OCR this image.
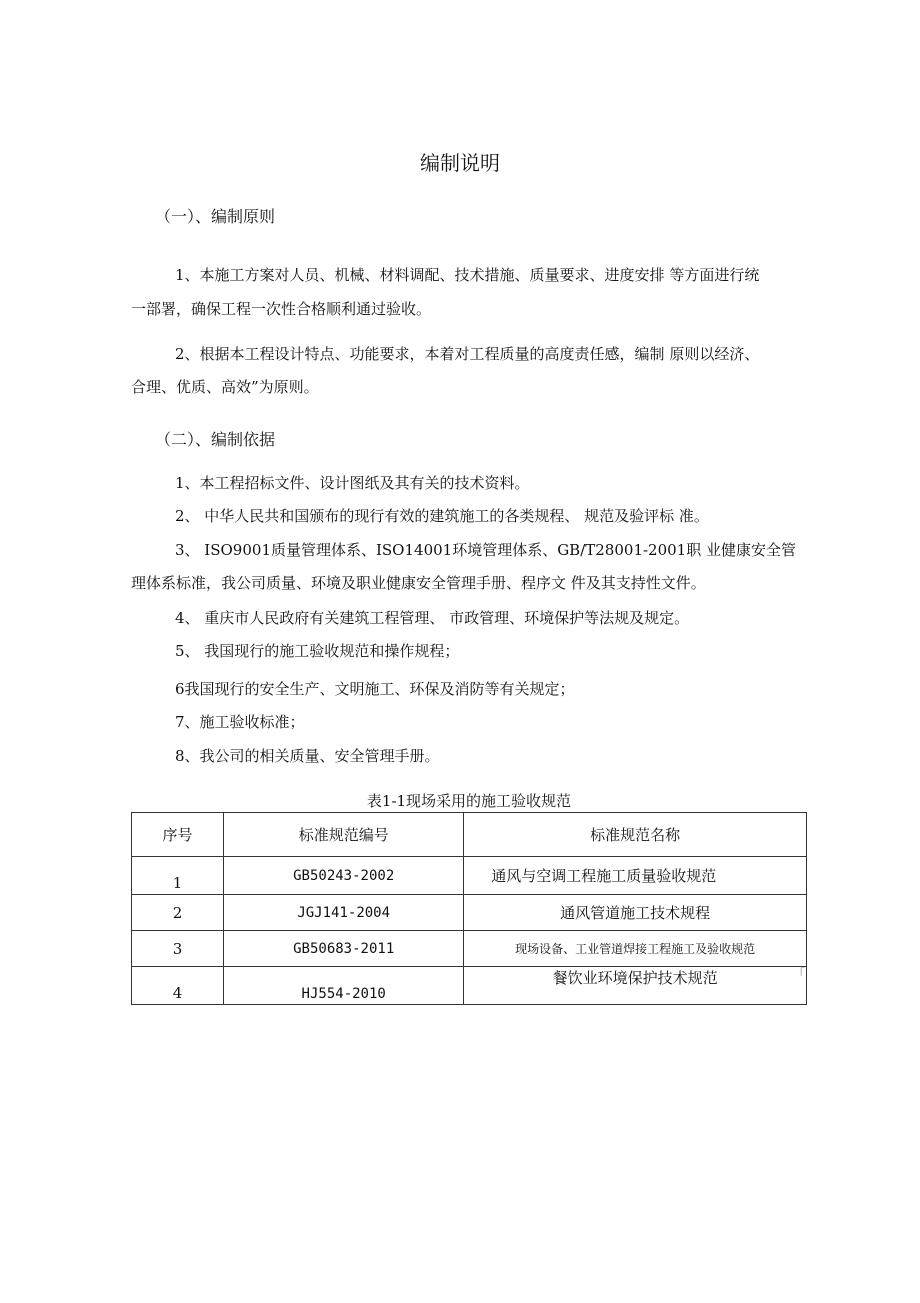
编制说明
（一）、编制原则
1、本施工方案对人员、机械、材料调配、技术措施、质量要求、进度安排 等方面进行统
一部署，确保工程一次性合格顺利通过验收。
2、根据本工程设计特点、功能要求，本着对工程质量的高度责任感，编制 原则以经济、
合理、优质、高效”为原则。
（二）、编制依据
1、本工程招标文件、设计图纸及其有关的技术资料。
2、 中华人民共和国颁布的现行有效的建筑施工的各类规程、 规范及验评标 准。
3、 ISO9001质量管理体系、ISO14001环境管理体系、GB/T28001-2001职 业健康安全管
理体系标准，我公司质量、环境及职业健康安全管理手册、程序文 件及其支持性文件。
4、 重庆市人民政府有关建筑工程管理、 市政管理、环境保护等法规及规定。
5、 我国现行的施工验收规范和操作规程；
6我国现行的安全生产、文明施工、环保及消防等有关规定；
7、施工验收标准；
8、我公司的相关质量、安全管理手册。
表1-1现场采用的施工验收规范
序号	标准规范编号	标准规范名称
1	GB50243-2002	通风与空调工程施工质量验收规范
2	JGJ141-2004	通风管道施工技术规程
3	GB50683-2011	现场设备、工业管道焊接工程施工及验收规范
4	HJ554-2010	餐饮业环境保护技术规范	「
